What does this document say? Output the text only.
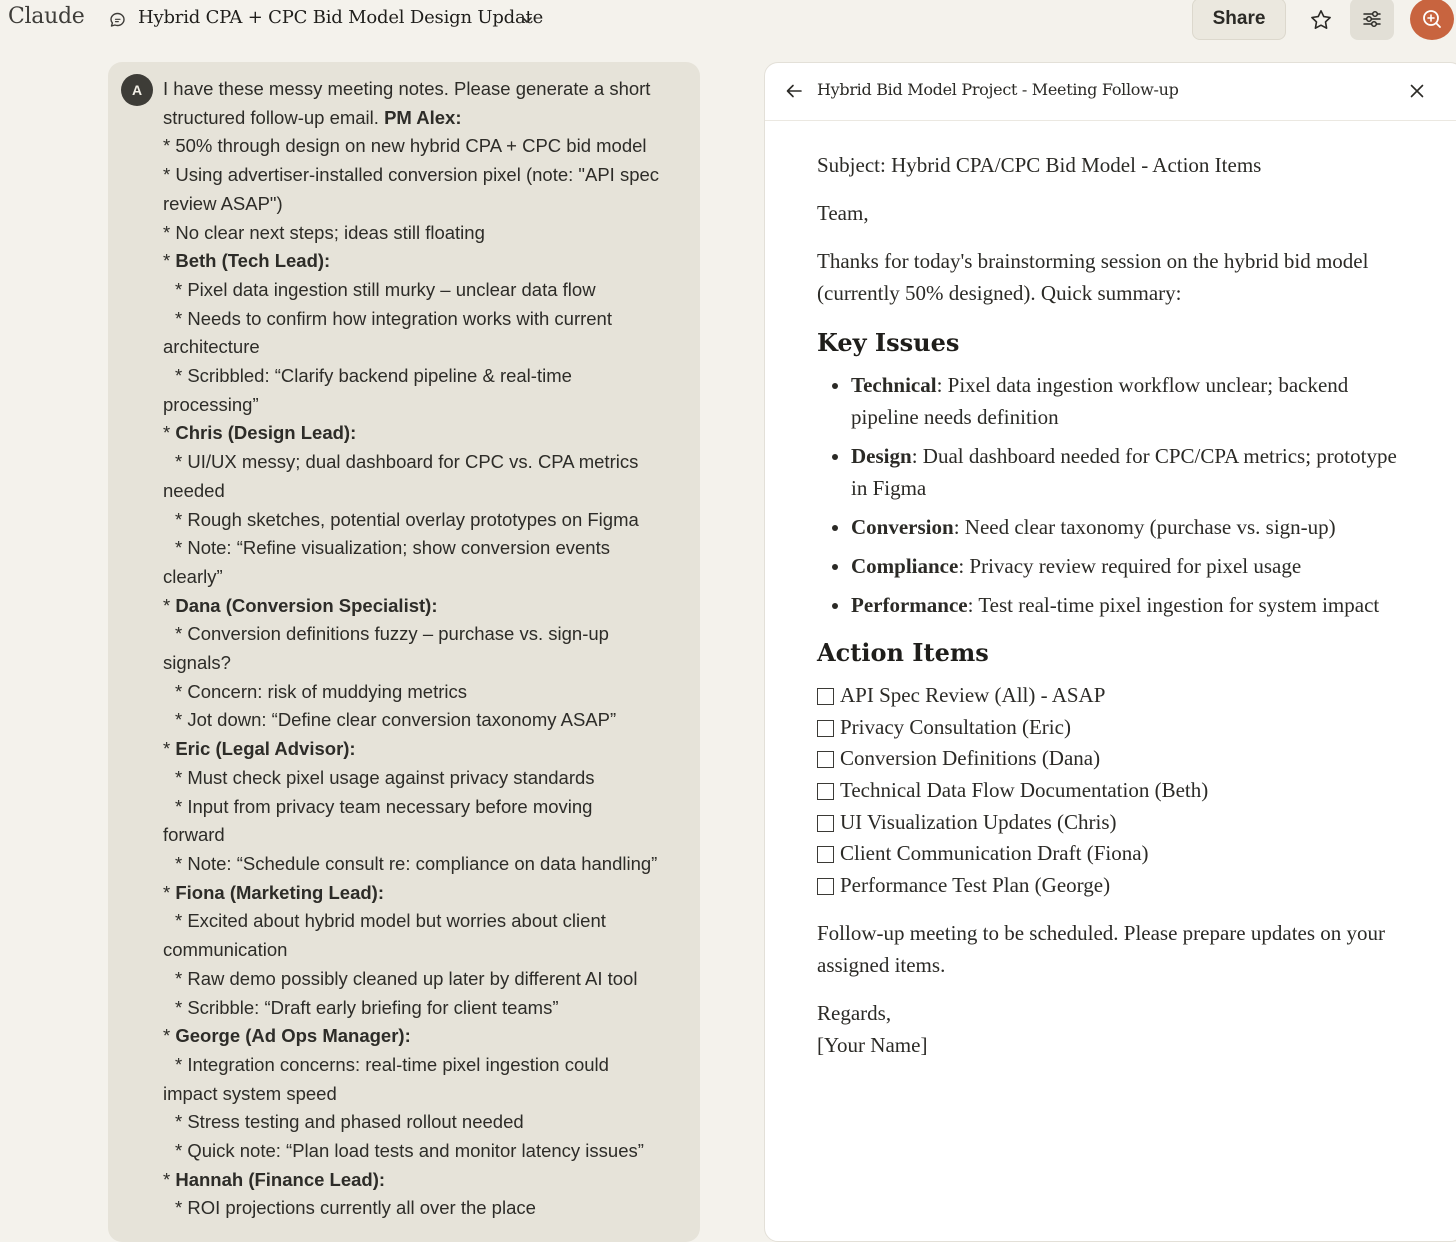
Claude	Hybrid CPA + CPC Bid Model Design Update	Share
A	I have these messy meeting notes. Please generate a short

structured follow-up email. PM Alex:

* 50% through design on new hybrid CPA + CPC bid model

* Using advertiser-installed conversion pixel (note: "API spec

review ASAP")

* No clear next steps; ideas still floating

* Beth (Tech Lead):

* Pixel data ingestion still murky – unclear data flow

* Needs to confirm how integration works with current

architecture

* Scribbled: “Clarify backend pipeline & real-time

processing”

* Chris (Design Lead):

* UI/UX messy; dual dashboard for CPC vs. CPA metrics

needed

* Rough sketches, potential overlay prototypes on Figma

* Note: “Refine visualization; show conversion events

clearly”

* Dana (Conversion Specialist):

* Conversion definitions fuzzy – purchase vs. sign-up

signals?

* Concern: risk of muddying metrics

* Jot down: “Define clear conversion taxonomy ASAP”

* Eric (Legal Advisor):

* Must check pixel usage against privacy standards

* Input from privacy team necessary before moving

forward

* Note: “Schedule consult re: compliance on data handling”

* Fiona (Marketing Lead):

* Excited about hybrid model but worries about client

communication

* Raw demo possibly cleaned up later by different AI tool

* Scribble: “Draft early briefing for client teams”

* George (Ad Ops Manager):

* Integration concerns: real-time pixel ingestion could

impact system speed

* Stress testing and phased rollout needed

* Quick note: “Plan load tests and monitor latency issues”

* Hannah (Finance Lead):

* ROI projections currently all over the place

Hybrid Bid Model Project - Meeting Follow-up

Subject: Hybrid CPA/CPC Bid Model - Action Items

Team,

Thanks for today's brainstorming session on the hybrid bid model (currently 50% designed). Quick summary:

Key Issues
• Technical: Pixel data ingestion workflow unclear; backend pipeline needs definition
• Design: Dual dashboard needed for CPC/CPA metrics; prototype in Figma
• Conversion: Need clear taxonomy (purchase vs. sign-up)
• Compliance: Privacy review required for pixel usage
• Performance: Test real-time pixel ingestion for system impact
Action Items
API Spec Review (All) - ASAP
Privacy Consultation (Eric)
Conversion Definitions (Dana)
Technical Data Flow Documentation (Beth)
UI Visualization Updates (Chris)
Client Communication Draft (Fiona)
Performance Test Plan (George)

Follow-up meeting to be scheduled. Please prepare updates on your assigned items.

Regards,

[Your Name]
